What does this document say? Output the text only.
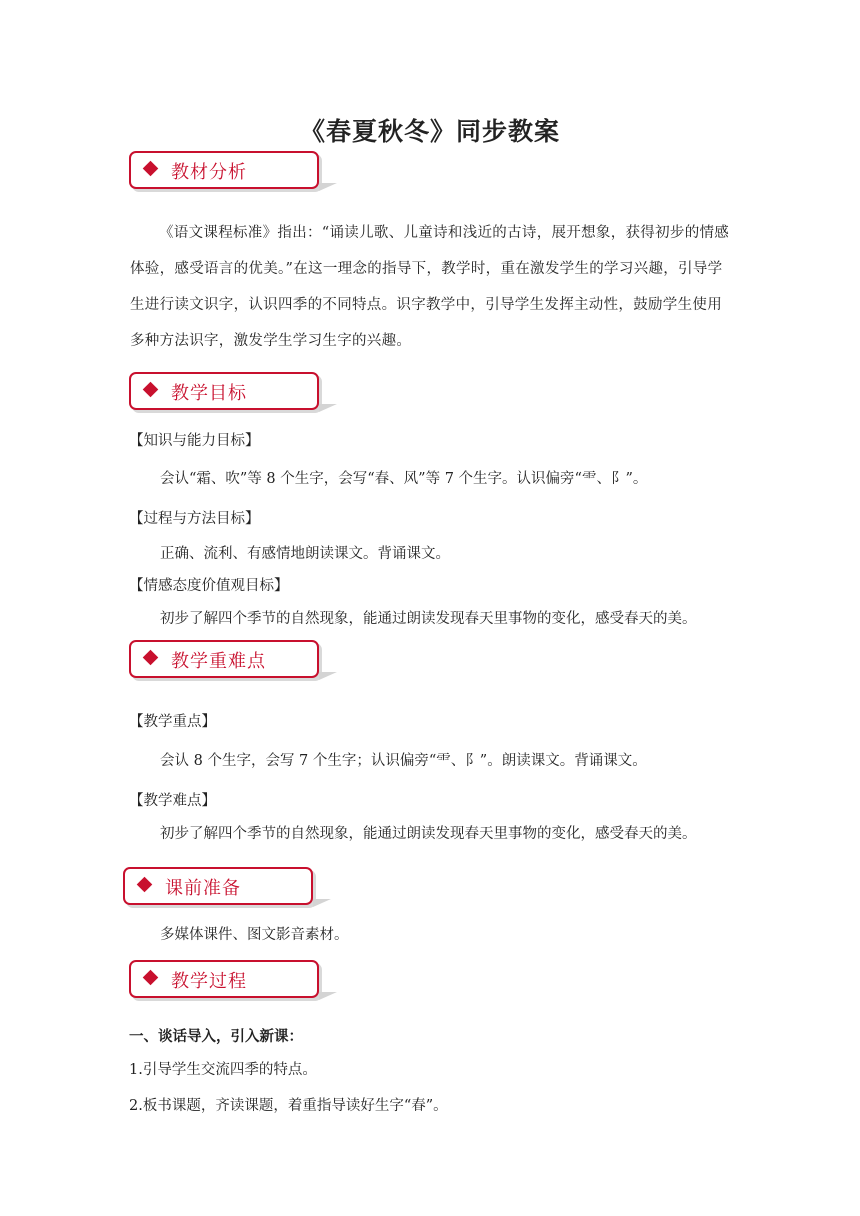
《春夏秋冬》同步教案
教材分析
《语文课程标准》指出：“诵读儿歌、儿童诗和浅近的古诗，展开想象，获得初步的情感体验，感受语言的优美。”在这一理念的指导下，教学时，重在激发学生的学习兴趣，引导学生进行读文识字，认识四季的不同特点。识字教学中，引导学生发挥主动性，鼓励学生使用多种方法识字，激发学生学习生字的兴趣。
教学目标
【知识与能力目标】
会认“霜、吹”等 8 个生字，会写“春、风”等 7 个生字。认识偏旁“⻗、⻖”。
【过程与方法目标】
正确、流利、有感情地朗读课文。背诵课文。
【情感态度价值观目标】
初步了解四个季节的自然现象，能通过朗读发现春天里事物的变化，感受春天的美。
教学重难点
【教学重点】
会认 8 个生字，会写 7 个生字；认识偏旁“⻗、⻖”。朗读课文。背诵课文。
【教学难点】
初步了解四个季节的自然现象，能通过朗读发现春天里事物的变化，感受春天的美。
课前准备
多媒体课件、图文影音素材。
教学过程
一、谈话导入，引入新课：
1.引导学生交流四季的特点。
2.板书课题，齐读课题，着重指导读好生字“春”。
